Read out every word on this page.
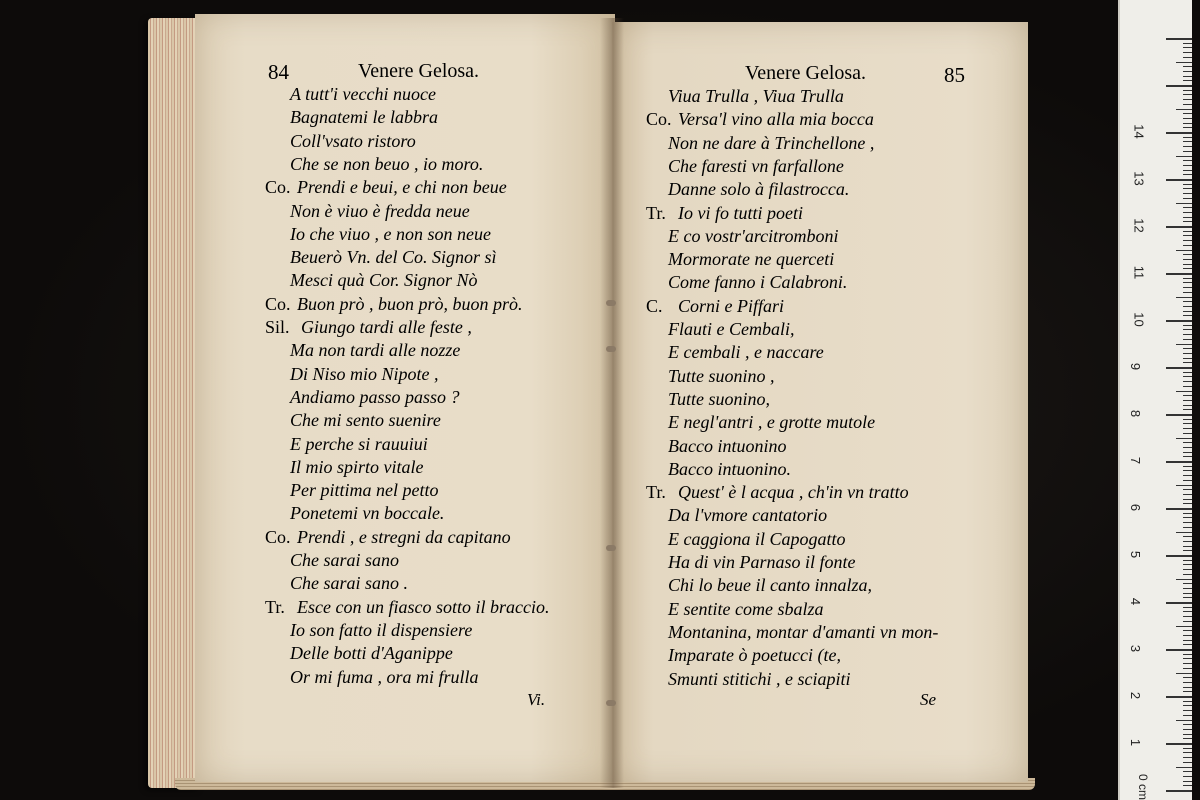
84	Venere Gelosa.	Venere Gelosa.	85
A tutt'i vecchi nuoce
Bagnatemi le labbra
Coll'vsato ristoro
Che se non beuo , io moro.
Co. Prendi e beui, e chi non beue
Non è viuo è fredda neue
Io che viuo , e non son neue
Beuerò Vn. del Co. Signor sì
Mesci quà Cor. Signor Nò
Co. Buon prò , buon prò, buon prò.
Sil. Giungo tardi alle feste ,
Ma non tardi alle nozze
Di Niso mio Nipote ,
Andiamo passo passo ?
Che mi sento suenire
E perche si rauuiui
Il mio spirto vitale
Per pittima nel petto
Ponetemi vn boccale.
Co. Prendi , e stregni da capitano
Che sarai sano
Che sarai sano .
Tr. Esce con un fiasco sotto il braccio.
Io son fatto il dispensiere
Delle botti d'Aganippe
Or mi fuma , ora mi frulla
Viua Trulla , Viua Trulla
Co. Versa'l vino alla mia bocca
Non ne dare à Trinchellone ,
Che faresti vn farfallone
Danne solo à filastrocca.
Tr. Io vi fo tutti poeti
E co vostr'arcitromboni
Mormorate ne querceti
Come fanno i Calabroni.
C. Corni e Piffari
Flauti e Cembali,
E cembali , e naccare
Tutte suonino ,
Tutte suonino,
E negl'antri , e grotte mutole
Bacco intuonino
Bacco intuonino.
Tr. Quest' è l acqua , ch'in vn tratto
Da l'vmore cantatorio
E caggiona il Capogatto
Ha di vin Parnaso il fonte
Chi lo beue il canto innalza,
E sentite come sbalza
Montanina, montar d'amanti vn mon-
Imparate ò poetucci (te,
Smunti stitichi , e sciapiti
Vi.	Se
1
2
3
4
5
6
7
8
9
10
11
12
13
14
0 cm
